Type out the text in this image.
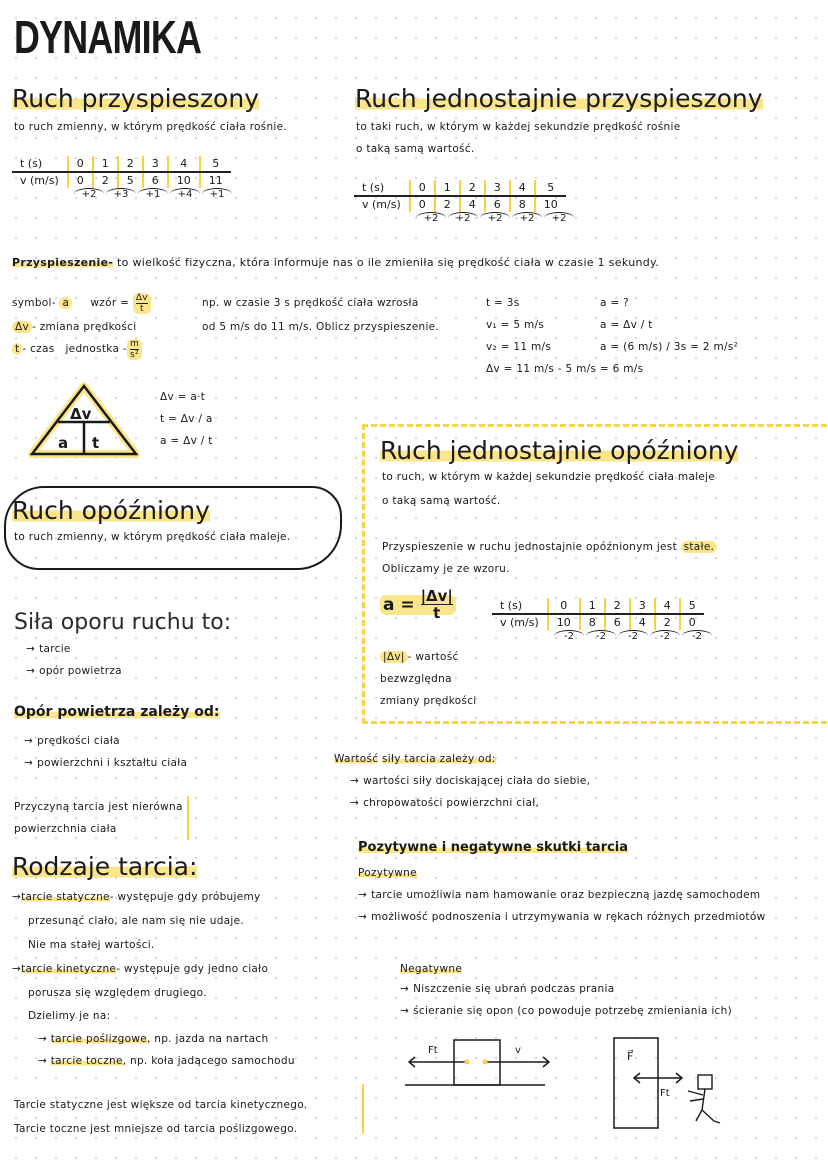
DYNAMIKA
Ruch przyspieszony
to ruch zmienny, w którym prędkość ciała rośnie.
t (s)	0	1	2	3	4	5
v (m/s)	0	2	5	6	10	11
+2	+3	+1	+4	+1
Ruch jednostajnie przyspieszony
to taki ruch, w którym w każdej sekundzie prędkość rośnie
o taką samą wartość.
t (s)	0	1	2	3	4	5
v (m/s)	0	2	4	6	8	10
+2	+2	+2	+2	+2
Przyspieszenie- to wielkość fizyczna, która informuje nas o ile zmieniła się prędkość ciała w czasie 1 sekundy.
symbol- a wzór = $\frac{\Delta v}{t}$
Δv - zmiana prędkości
t - czas jednostka - $\frac{m}{\text{s²}}$
np. w czasie 3 s prędkość ciała wzrosła
od 5 m/s do 11 m/s. Oblicz przyspieszenie.
t = 3s
v₁ = 5 m/s
v₂ = 11 m/s
Δv = 11 m/s - 5 m/s = 6 m/s
a = ?
a = Δv / t
a = (6 m/s) / 3s = 2 m/s²
Δv
a t
Δv = a·t
t = Δv / a
a = Δv / t
Ruch opóźniony
to ruch zmienny, w którym prędkość ciała maleje.
Ruch jednostajnie opóźniony
to ruch, w którym w każdej sekundzie prędkość ciała maleje
o taką samą wartość.
Przyspieszenie w ruchu jednostajnie opóźnionym jest stałe.
Obliczamy je ze wzoru.
$a = \frac{|\Delta v|}{t}$
|Δv| - wartość
bezwzględna
zmiany prędkości
t (s)	0	1	2	3	4	5
v (m/s)	10	8	6	4	2	0
-2	-2	-2	-2	-2
Siła oporu ruchu to:
→ tarcie
→ opór powietrza
Opór powietrza zależy od:
→ prędkości ciała
→ powierzchni i kształtu ciała
Przyczyną tarcia jest nierówna
powierzchnia ciała
Rodzaje tarcia:
→tarcie statyczne- występuje gdy próbujemy
przesunąć ciało, ale nam się nie udaje.
Nie ma stałej wartości.
→tarcie kinetyczne- występuje gdy jedno ciało
porusza się względem drugiego.
Dzielimy je na:
→ tarcie poślizgowe, np. jazda na nartach
→ tarcie toczne, np. koła jadącego samochodu
Tarcie statyczne jest większe od tarcia kinetycznego.
Tarcie toczne jest mniejsze od tarcia poślizgowego.
Wartość siły tarcia zależy od:
→ wartości siły dociskającej ciała do siebie,
→ chropowatości powierzchni ciał,
Pozytywne i negatywne skutki tarcia
Pozytywne
→ tarcie umożliwia nam hamowanie oraz bezpieczną jazdę samochodem
→ możliwość podnoszenia i utrzymywania w rękach różnych przedmiotów
Negatywne
→ Niszczenie się ubrań podczas prania
→ ścieranie się opon (co powoduje potrzebę zmieniania ich)
Ft	v	F⃗
Ft
